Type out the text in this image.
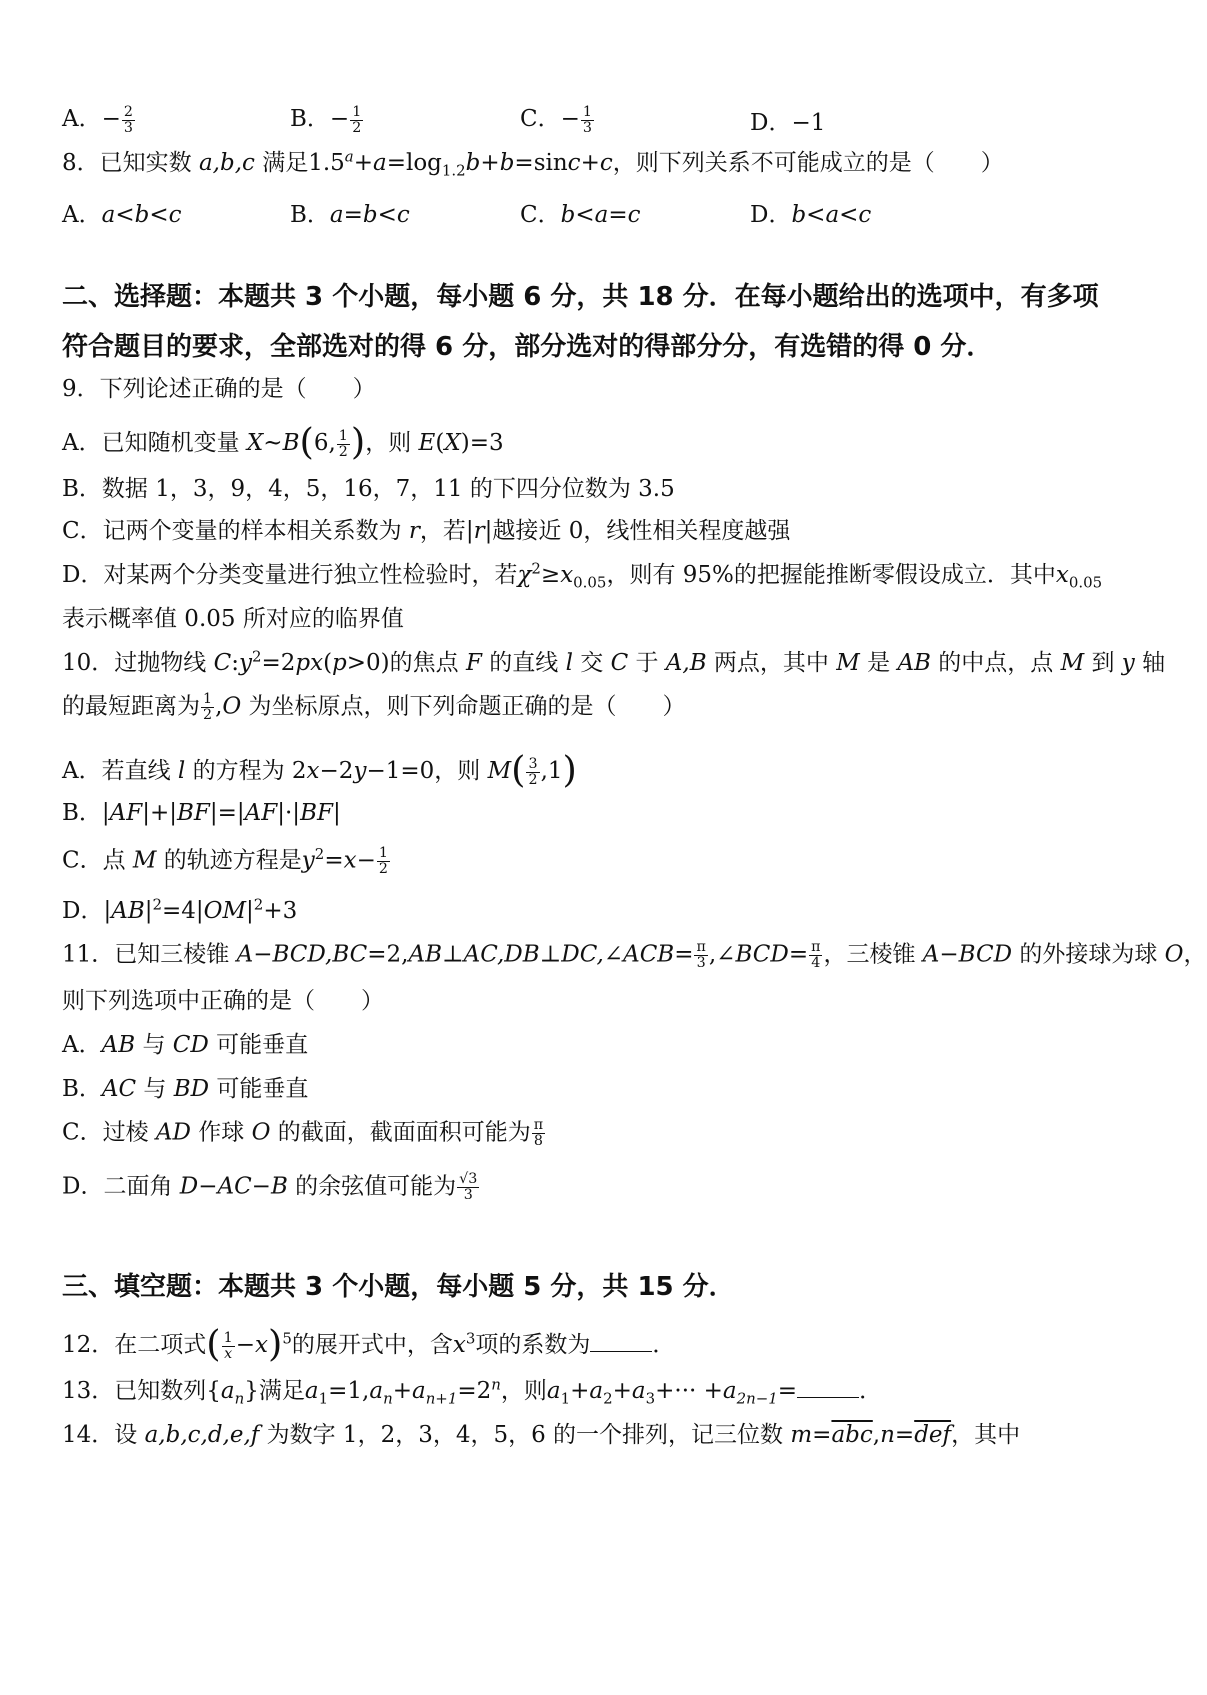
A．− $\frac{2}{3}$	B．− $\frac{1}{2}$	C．− $\frac{1}{3}$	D．−1
8．已知实数 a,b,c 满足$1.5^a+a=\log_{1.2}b+b=\sin c+c$，则下列关系不可能成立的是（　　）
A．a<b<c	B．a=b<c	C．b<a=c	D．b<a<c
二、选择题：本题共 3 个小题，每小题 6 分，共 18 分．在每小题给出的选项中，有多项
符合题目的要求，全部选对的得 6 分，部分选对的得部分分，有选错的得 0 分．
9．下列论述正确的是（　　）
A．已知随机变量 X~B(6, $\frac{1}{2}$ )，则 E(X)=3
B．数据 1，3，9，4，5，16，7，11 的下四分位数为 3.5
C．记两个变量的样本相关系数为 r，若|r|越接近 0，线性相关程度越强
D．对某两个分类变量进行独立性检验时，若$\chi^2\ge x_{0.05}$，则有 95%的把握能推断零假设成立．其中$x_{0.05}$
表示概率值 0.05 所对应的临界值
10．过抛物线 $C:y^2=2px(p>0)$的焦点 F 的直线 l 交 C 于 A,B 两点，其中 M 是 AB 的中点，点 M 到 y 轴
的最短距离为 $\frac{1}{2} ,O$ 为坐标原点，则下列命题正确的是（　　）
A．若直线 l 的方程为 2x−2y−1=0，则 $M( \frac{3}{2} ,1)$
B．|AF|+|BF|=|AF|·|BF|
C．点 M 的轨迹方程是$y^2=x- \frac{1}{2}$
D．$|AB|^2=4|OM|^2+3$
11．已知三棱锥 A−BCD,BC=2,AB⊥AC,DB⊥DC,∠ACB= $\frac{\pi}{3}$ ,∠BCD= $\frac{\pi}{4}$ ，三棱锥 A−BCD 的外接球为球 O，
则下列选项中正确的是（　　）
A．AB 与 CD 可能垂直
B．AC 与 BD 可能垂直
C．过棱 AD 作球 O 的截面，截面面积可能为 $\frac{\pi}{8}$
D．二面角 D−AC−B 的余弦值可能为 $\frac{√3}{3}$
三、填空题：本题共 3 个小题，每小题 5 分，共 15 分．
12．在二项式( $\frac{1}{x} -x)^5$的展开式中，含$x^3$项的系数为	．
13．已知数列$\{a_n\}$满足$a_1=1,a_n+a_{n+1}=2^n$，则$a_1+a_2+a_3+\cdot\cdot\cdot +a_{2n-1}=$	．
14．设 a,b,c,d,e,f 为数字 1，2，3，4，5，6 的一个排列，记三位数 $m=\overline{abc},n=\overline{def}$，其中
